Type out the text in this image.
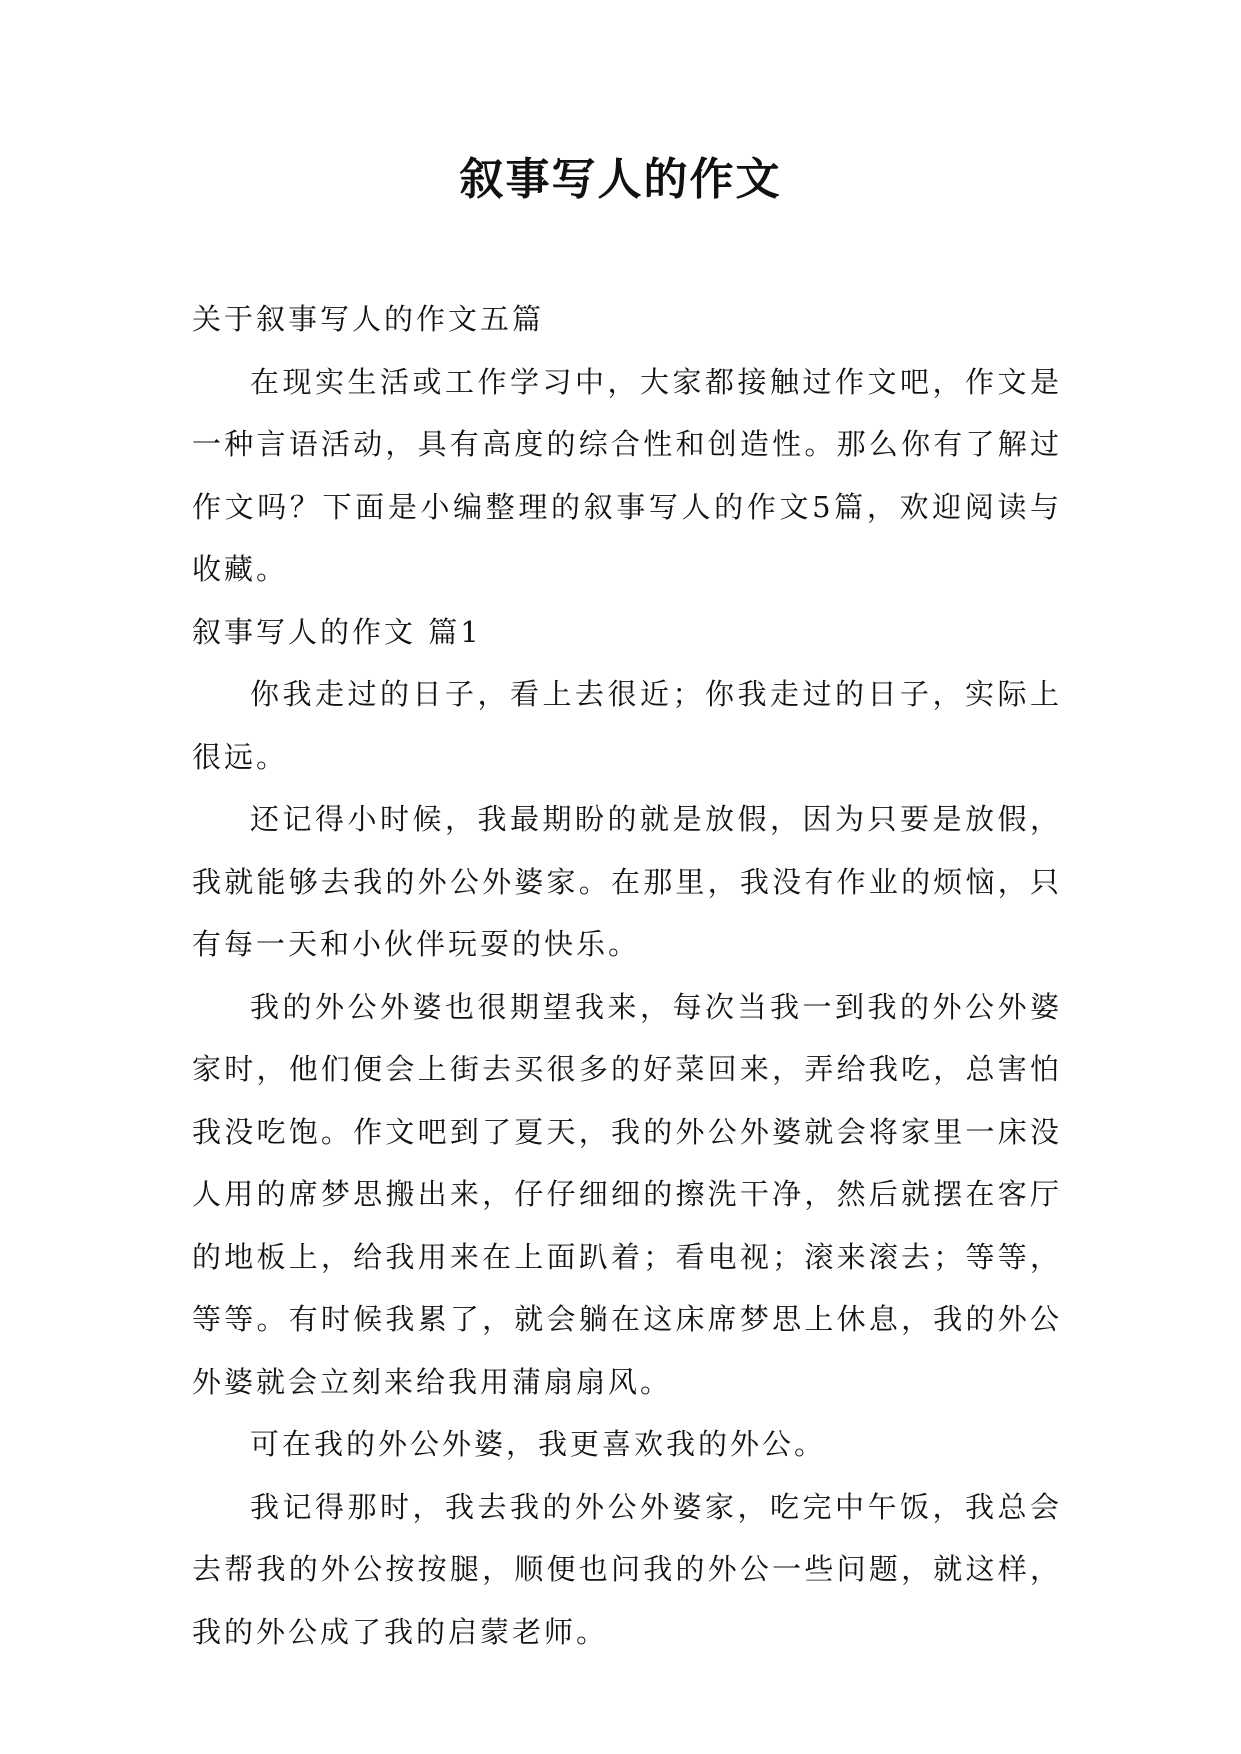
叙事写人的作文

关于叙事写人的作文五篇

在现实生活或工作学习中，大家都接触过作文吧，作文是一种言语活动，具有高度的综合性和创造性。那么你有了解过作文吗？下面是小编整理的叙事写人的作文5篇，欢迎阅读与收藏。

叙事写人的作文 篇1

你我走过的日子，看上去很近；你我走过的日子，实际上很远。

还记得小时候，我最期盼的就是放假，因为只要是放假，我就能够去我的外公外婆家。在那里，我没有作业的烦恼，只有每一天和小伙伴玩耍的快乐。

我的外公外婆也很期望我来，每次当我一到我的外公外婆家时，他们便会上街去买很多的好菜回来，弄给我吃，总害怕我没吃饱。作文吧到了夏天，我的外公外婆就会将家里一床没人用的席梦思搬出来，仔仔细细的擦洗干净，然后就摆在客厅的地板上，给我用来在上面趴着；看电视；滚来滚去；等等，等等。有时候我累了，就会躺在这床席梦思上休息，我的外公外婆就会立刻来给我用蒲扇扇风。

可在我的外公外婆，我更喜欢我的外公。

我记得那时，我去我的外公外婆家，吃完中午饭，我总会去帮我的外公按按腿，顺便也问我的外公一些问题，就这样，我的外公成了我的启蒙老师。
